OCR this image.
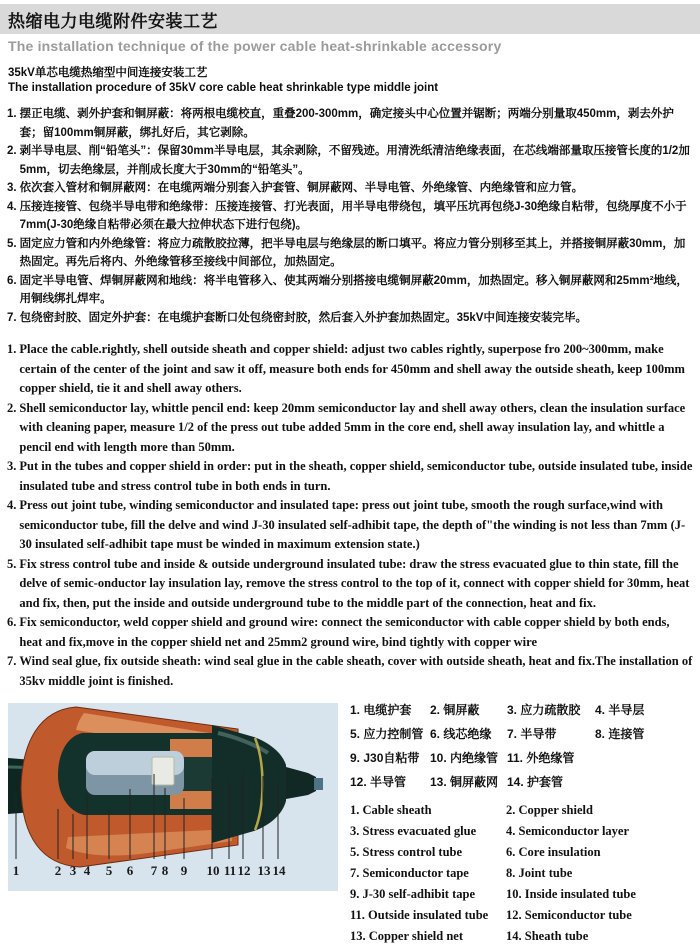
热缩电力电缆附件安装工艺
The installation technique of the power cable heat-shrinkable accessory
35kV单芯电缆热缩型中间连接安装工艺
The installation procedure of 35kV core cable heat shrinkable type middle joint
1. 摆正电缆、剥外护套和铜屏蔽：将两根电缆校直，重叠200-300mm，确定接头中心位置并锯断；两端分别量取450mm，剥去外护套；留100mm铜屏蔽，绑扎好后，其它剥除。
2. 剥半导电层、削“铅笔头”：保留30mm半导电层，其余剥除，不留残迹。用清洗纸清洁绝缘表面，在芯线端部量取压接管长度的1/2加5mm，切去绝缘层，并削成长度大于30mm的“铅笔头”。
3. 依次套入管材和铜屏蔽网：在电缆两端分别套入护套管、铜屏蔽网、半导电管、外绝缘管、内绝缘管和应力管。
4. 压接连接管、包绕半导电带和绝缘带：压接连接管、打光表面，用半导电带绕包，填平压坑再包绕J-30绝缘自粘带，包绕厚度不小于7mm(J-30绝缘自粘带必须在最大拉伸状态下进行包绕)。
5. 固定应力管和内外绝缘管：将应力疏散胶拉薄，把半导电层与绝缘层的断口填平。将应力管分别移至其上，并搭接铜屏蔽30mm，加热固定。再先后将内、外绝缘管移至接线中间部位，加热固定。
6. 固定半导电管、焊铜屏蔽网和地线：将半电管移入、使其两端分别搭接电缆铜屏蔽20mm，加热固定。移入铜屏蔽网和25mm²地线，用铜线绑扎焊牢。
7. 包绕密封胶、固定外护套：在电缆护套断口处包绕密封胶，然后套入外护套加热固定。35kV中间连接安装完毕。
1. Place the cable.rightly, shell outside sheath and copper shield: adjust two cables rightly, superpose fro 200~300mm, make certain of the center of the joint and saw it off, measure both ends for 450mm and shell away the outside sheath, keep 100mm copper shield, tie it and shell away others.
2. Shell semiconductor lay, whittle pencil end: keep 20mm semiconductor lay and shell away others, clean the insulation surface with cleaning paper, measure 1/2 of the press out tube added 5mm in the core end, shell away insulation lay, and whittle a pencil end with length more than 50mm.
3. Put in the tubes and copper shield in order: put in the sheath, copper shield, semiconductor tube, outside insulated tube, inside insulated tube and stress control tube in both ends in turn.
4. Press out joint tube, winding semiconductor and insulated tape: press out joint tube, smooth the rough surface,wind with semiconductor tube, fill the delve and wind J-30 insulated self-adhibit tape, the depth of"the winding is not less than 7mm (J-30 insulated self-adhibit tape must be winded in maximum extension state.)
5. Fix stress control tube and inside & outside underground insulated tube: draw the stress evacuated glue to thin state, fill the delve of semic-onductor lay insulation lay, remove the stress control to the top of it, connect with copper shield for 30mm, heat and fix, then, put the inside and outside underground tube to the middle part of the connection, heat and fix.
6. Fix semiconductor, weld copper shield and ground wire: connect the semiconductor with cable copper shield by both ends, heat and fix,move in the copper shield net and 25mm2 ground wire, bind tightly with copper wire
7. Wind seal glue, fix outside sheath: wind seal glue in the cable sheath, cover with outside sheath, heat and fix.The installation of 35kv middle joint is finished.
1	2 3 4 5 6 7 8 9 10 11 12 13 14
1. 电缆护套	2. 铜屏蔽	3. 应力疏散胶	4. 半导层
5. 应力控制管 6. 线芯绝缘	7. 半导带	8. 连接管
9. J30自粘带 10. 内绝缘管 11. 外绝缘管
12. 半导管	13. 铜屏蔽网 14. 护套管
1. Cable sheath	2. Copper shield
3. Stress evacuated glue	4. Semiconductor layer
5. Stress control tube	6. Core insulation
7. Semiconductor tape	8. Joint tube
9. J-30 self-adhibit tape	10. Inside insulated tube
11. Outside insulated tube	12. Semiconductor tube
13. Copper shield net	14. Sheath tube
